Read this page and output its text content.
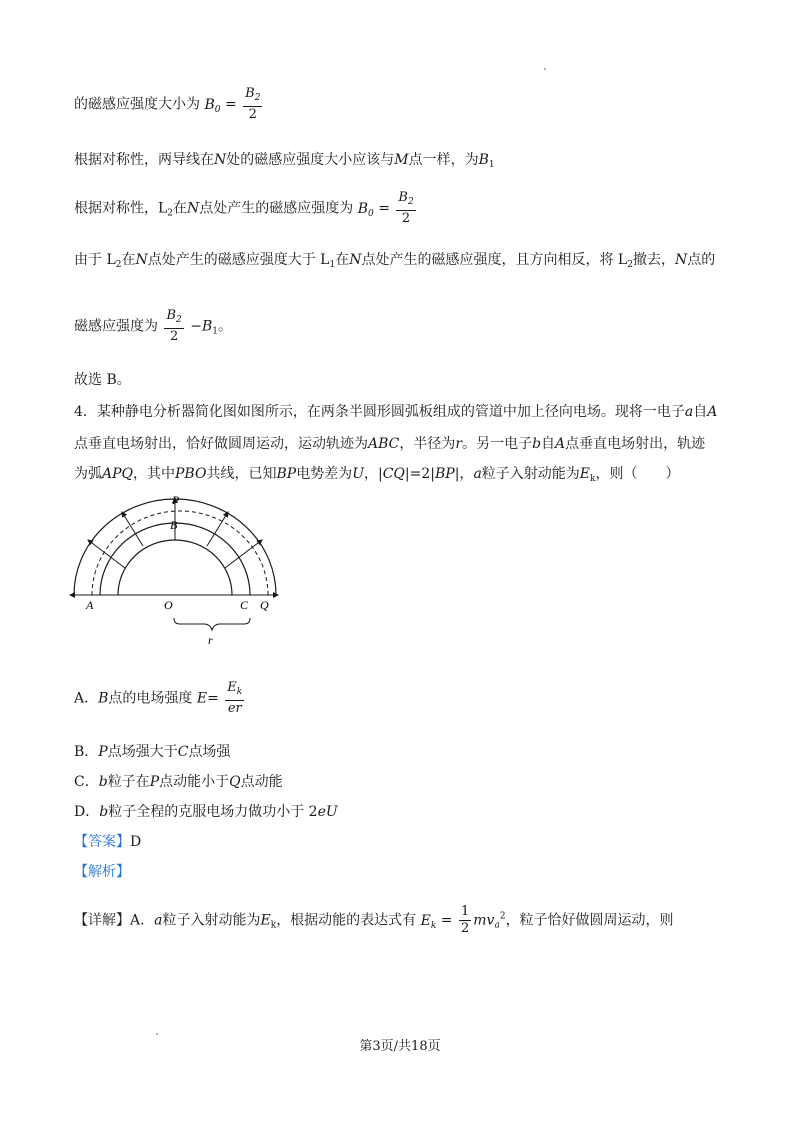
的磁感应强度大小为 $B_0 = \frac{B_2}{2}$
根据对称性，两导线在N处的磁感应强度大小应该与M点一样，为$B_1$
根据对称性，$L_2$在N点处产生的磁感应强度为 $B_0 = \frac{B_2}{2}$
由于 $L_2$在N点处产生的磁感应强度大于 $L_1$在N点处产生的磁感应强度，且方向相反，将 $L_2$撤去，N点的
磁感应强度为 $\frac{B_2}{2} -B_1$。
故选 B。
4．某种静电分析器简化图如图所示，在两条半圆形圆弧板组成的管道中加上径向电场。现将一电子a自A
点垂直电场射出，恰好做圆周运动，运动轨迹为ABC，半径为r。另一电子b自A点垂直电场射出，轨迹
为弧APQ，其中PBO共线，已知BP电势差为U，|CQ|=2|BP|，a粒子入射动能为$E_k$，则（　　）
P
B
A	O	C Q
r
A．B点的电场强度 $E= \frac{E_k}{er}$
B．P点场强大于C点场强
C．b粒子在P点动能小于Q点动能
D．b粒子全程的克服电场力做功小于 2eU
【答案】D
【解析】
【详解】A．a粒子入射动能为$E_k$，根据动能的表达式有 $E_k = \frac{1}{2} mv_a^2$，粒子恰好做圆周运动，则
第3页/共18页
